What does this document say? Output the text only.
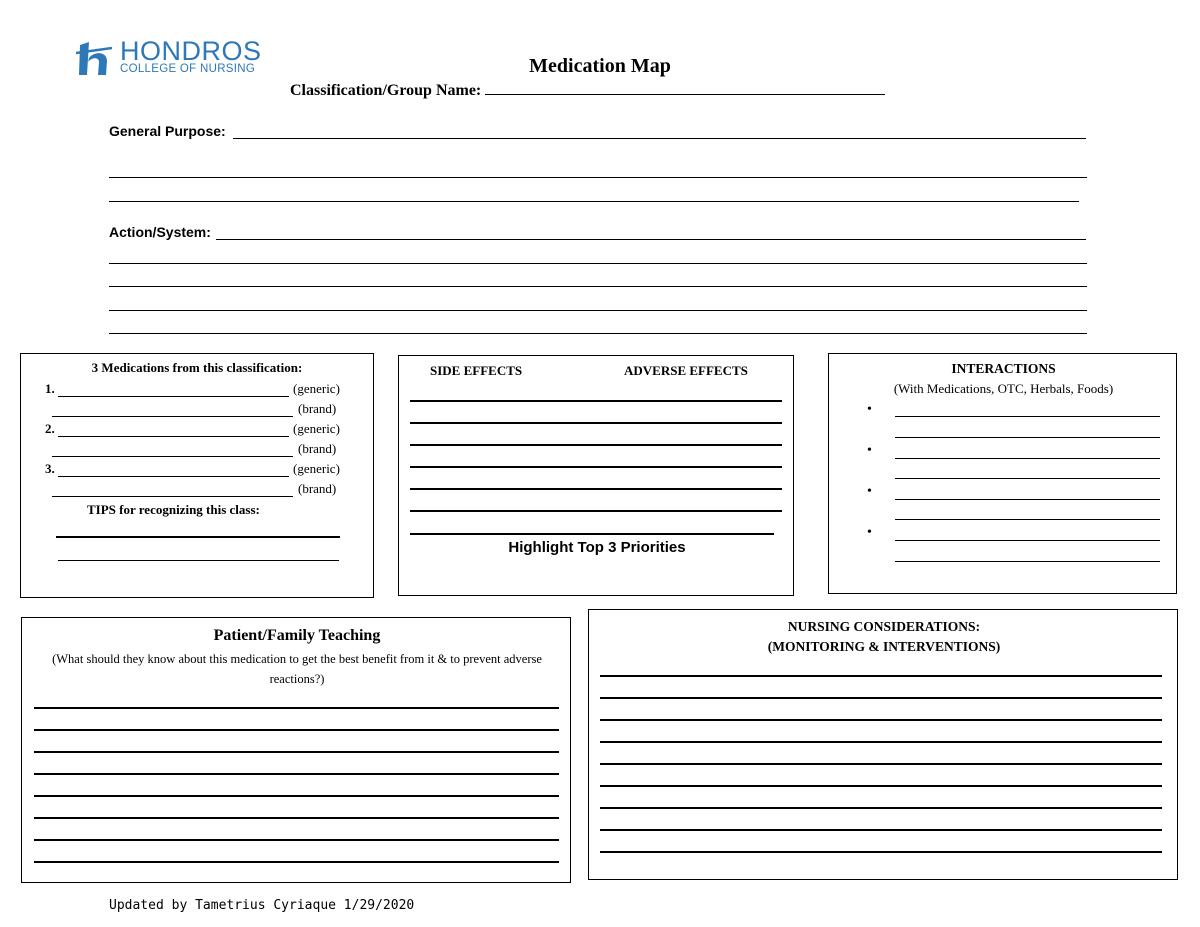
HONDROS
COLLEGE OF NURSING	Medication Map
Classification/Group Name:
General Purpose:
Action/System:
3 Medications from this classification:
1.	(generic)
(brand)
2.	(generic)
(brand)
3.	(generic)
(brand)
TIPS for recognizing this class:
SIDE EFFECTS	ADVERSE EFFECTS
Highlight Top 3 Priorities
INTERACTIONS
(With Medications, OTC, Herbals, Foods)
•
•
•
•
Patient/Family Teaching
(What should they know about this medication to get the best benefit from it & to prevent adverse reactions?)
NURSING CONSIDERATIONS:
(MONITORING & INTERVENTIONS)
Updated by Tametrius Cyriaque 1/29/2020
